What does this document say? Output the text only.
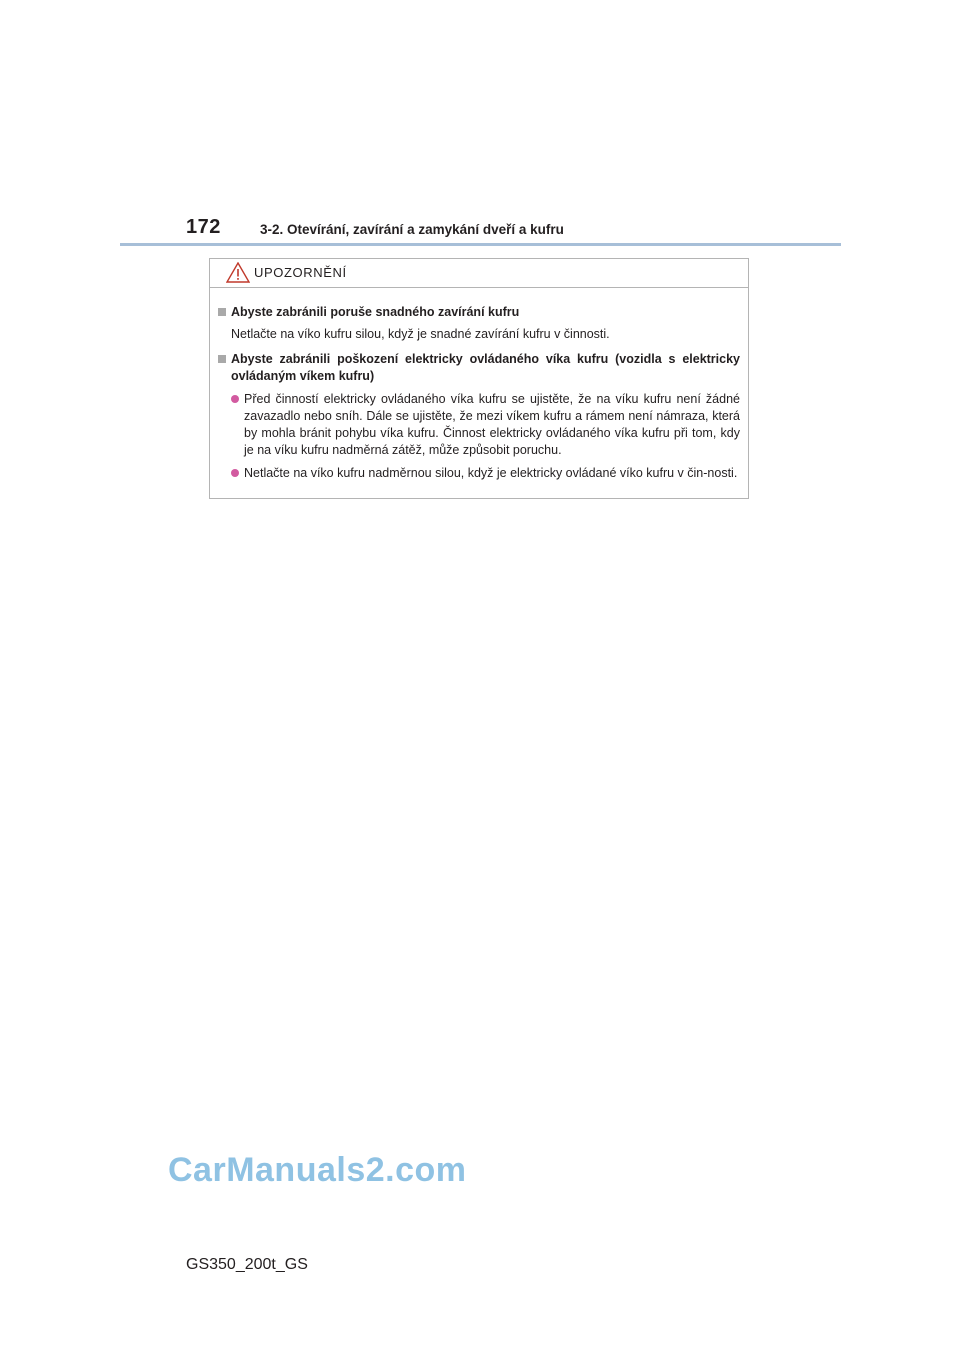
172	3-2. Otevírání, zavírání a zamykání dveří a kufru
UPOZORNĚNÍ
Abyste zabránili poruše snadného zavírání kufru
Netlačte na víko kufru silou, když je snadné zavírání kufru v činnosti.
Abyste zabránili poškození elektricky ovládaného víka kufru (vozidla s elektricky ovládaným víkem kufru)
Před činností elektricky ovládaného víka kufru se ujistěte, že na víku kufru není žádné zavazadlo nebo sníh. Dále se ujistěte, že mezi víkem kufru a rámem není námraza, která by mohla bránit pohybu víka kufru. Činnost elektricky ovládaného víka kufru při tom, kdy je na víku kufru nadměrná zátěž, může způsobit poruchu.
Netlačte na víko kufru nadměrnou silou, když je elektricky ovládané víko kufru v čin-nosti.
CarManuals2.com
GS350_200t_GS
